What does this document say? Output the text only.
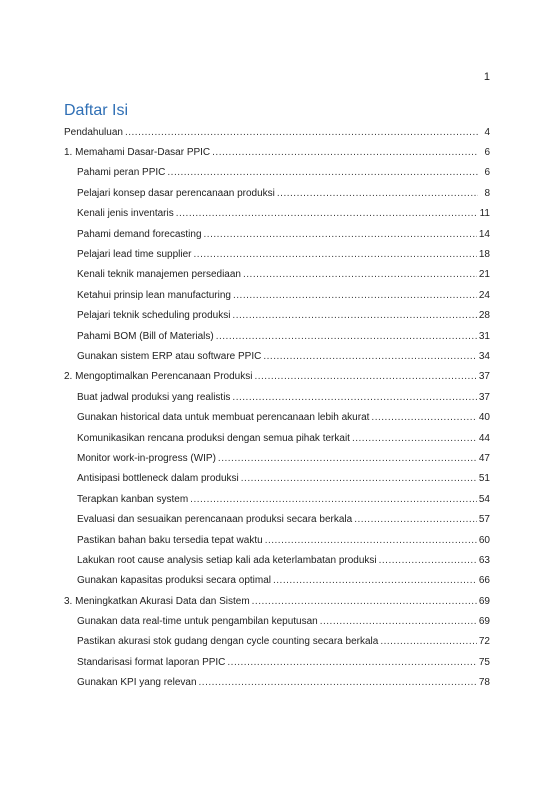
1
Daftar Isi
Pendahuluan .....	4
1. Memahami Dasar-Dasar PPIC .....	6
Pahami peran PPIC .....	6
Pelajari konsep dasar perencanaan produksi .....	8
Kenali jenis inventaris .....	11
Pahami demand forecasting .....	14
Pelajari lead time supplier .....	18
Kenali teknik manajemen persediaan .....	21
Ketahui prinsip lean manufacturing .....	24
Pelajari teknik scheduling produksi .....	28
Pahami BOM (Bill of Materials) .....	31
Gunakan sistem ERP atau software PPIC .....	34
2. Mengoptimalkan Perencanaan Produksi .....	37
Buat jadwal produksi yang realistis .....	37
Gunakan historical data untuk membuat perencanaan lebih akurat .....	40
Komunikasikan rencana produksi dengan semua pihak terkait .....	44
Monitor work-in-progress (WIP) .....	47
Antisipasi bottleneck dalam produksi .....	51
Terapkan kanban system .....	54
Evaluasi dan sesuaikan perencanaan produksi secara berkala .....	57
Pastikan bahan baku tersedia tepat waktu .....	60
Lakukan root cause analysis setiap kali ada keterlambatan produksi .....	63
Gunakan kapasitas produksi secara optimal .....	66
3. Meningkatkan Akurasi Data dan Sistem .....	69
Gunakan data real-time untuk pengambilan keputusan .....	69
Pastikan akurasi stok gudang dengan cycle counting secara berkala .....	72
Standarisasi format laporan PPIC .....	75
Gunakan KPI yang relevan .....	78
